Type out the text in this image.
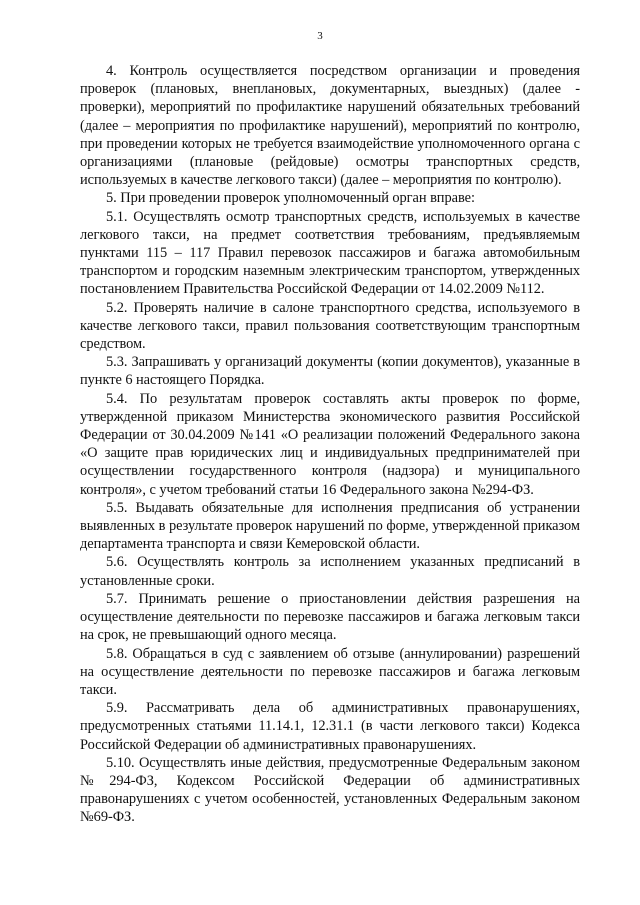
3

4. Контроль осуществляется посредством организации и проведения проверок (плановых, внеплановых, документарных, выездных) (далее - проверки), мероприятий по профилактике нарушений обязательных требований (далее – мероприятия по профилактике нарушений), мероприятий по контролю, при проведении которых не требуется взаимодействие уполномоченного органа с организациями (плановые (рейдовые) осмотры транспортных средств, используемых в качестве легкового такси) (далее – мероприятия по контролю).

5. При проведении проверок уполномоченный орган вправе:

5.1. Осуществлять осмотр транспортных средств, используемых в качестве легкового такси, на предмет соответствия требованиям, предъявляемым пунктами 115 – 117 Правил перевозок пассажиров и багажа автомобильным транспортом и городским наземным электрическим транспортом, утвержденных постановлением Правительства Российской Федерации от 14.02.2009 №112.

5.2. Проверять наличие в салоне транспортного средства, используемого в качестве легкового такси, правил пользования соответствующим транспортным средством.

5.3. Запрашивать у организаций документы (копии документов), указанные в пункте 6 настоящего Порядка.

5.4. По результатам проверок составлять акты проверок по форме, утвержденной приказом Министерства экономического развития Российской Федерации от 30.04.2009 №141 «О реализации положений Федерального закона «О защите прав юридических лиц и индивидуальных предпринимателей при осуществлении государственного контроля (надзора) и муниципального контроля», с учетом требований статьи 16 Федерального закона №294-ФЗ.

5.5. Выдавать обязательные для исполнения предписания об устранении выявленных в результате проверок нарушений по форме, утвержденной приказом департамента транспорта и связи Кемеровской области.

5.6. Осуществлять контроль за исполнением указанных предписаний в установленные сроки.

5.7. Принимать решение о приостановлении действия разрешения на осуществление деятельности по перевозке пассажиров и багажа легковым такси на срок, не превышающий одного месяца.

5.8. Обращаться в суд с заявлением об отзыве (аннулировании) разрешений на осуществление деятельности по перевозке пассажиров и багажа легковым такси.

5.9. Рассматривать дела об административных правонарушениях, предусмотренных статьями 11.14.1, 12.31.1 (в части легкового такси) Кодекса Российской Федерации об административных правонарушениях.

5.10. Осуществлять иные действия, предусмотренные Федеральным законом №294-ФЗ, Кодексом Российской Федерации об административных правонарушениях с учетом особенностей, установленных Федеральным законом №69-ФЗ.
